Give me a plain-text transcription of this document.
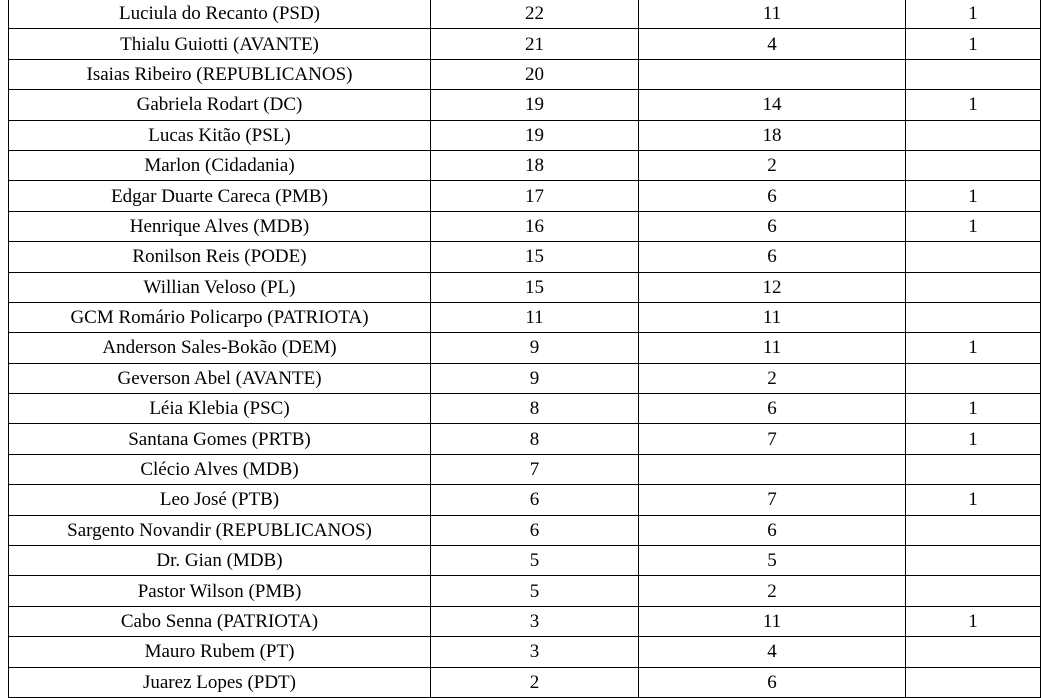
Luciula do Recanto (PSD)	22	11	1
Thialu Guiotti (AVANTE)	21	4	1
Isaias Ribeiro (REPUBLICANOS)	20		
Gabriela Rodart (DC)	19	14	1
Lucas Kitão (PSL)	19	18	
Marlon (Cidadania)	18	2	
Edgar Duarte Careca (PMB)	17	6	1
Henrique Alves (MDB)	16	6	1
Ronilson Reis (PODE)	15	6	
Willian Veloso (PL)	15	12	
GCM Romário Policarpo (PATRIOTA)	11	11	
Anderson Sales-Bokão (DEM)	9	11	1
Geverson Abel (AVANTE)	9	2	
Léia Klebia (PSC)	8	6	1
Santana Gomes (PRTB)	8	7	1
Clécio Alves (MDB)	7		
Leo José (PTB)	6	7	1
Sargento Novandir (REPUBLICANOS)	6	6	
Dr. Gian (MDB)	5	5	
Pastor Wilson (PMB)	5	2	
Cabo Senna (PATRIOTA)	3	11	1
Mauro Rubem (PT)	3	4	
Juarez Lopes (PDT)	2	6	
